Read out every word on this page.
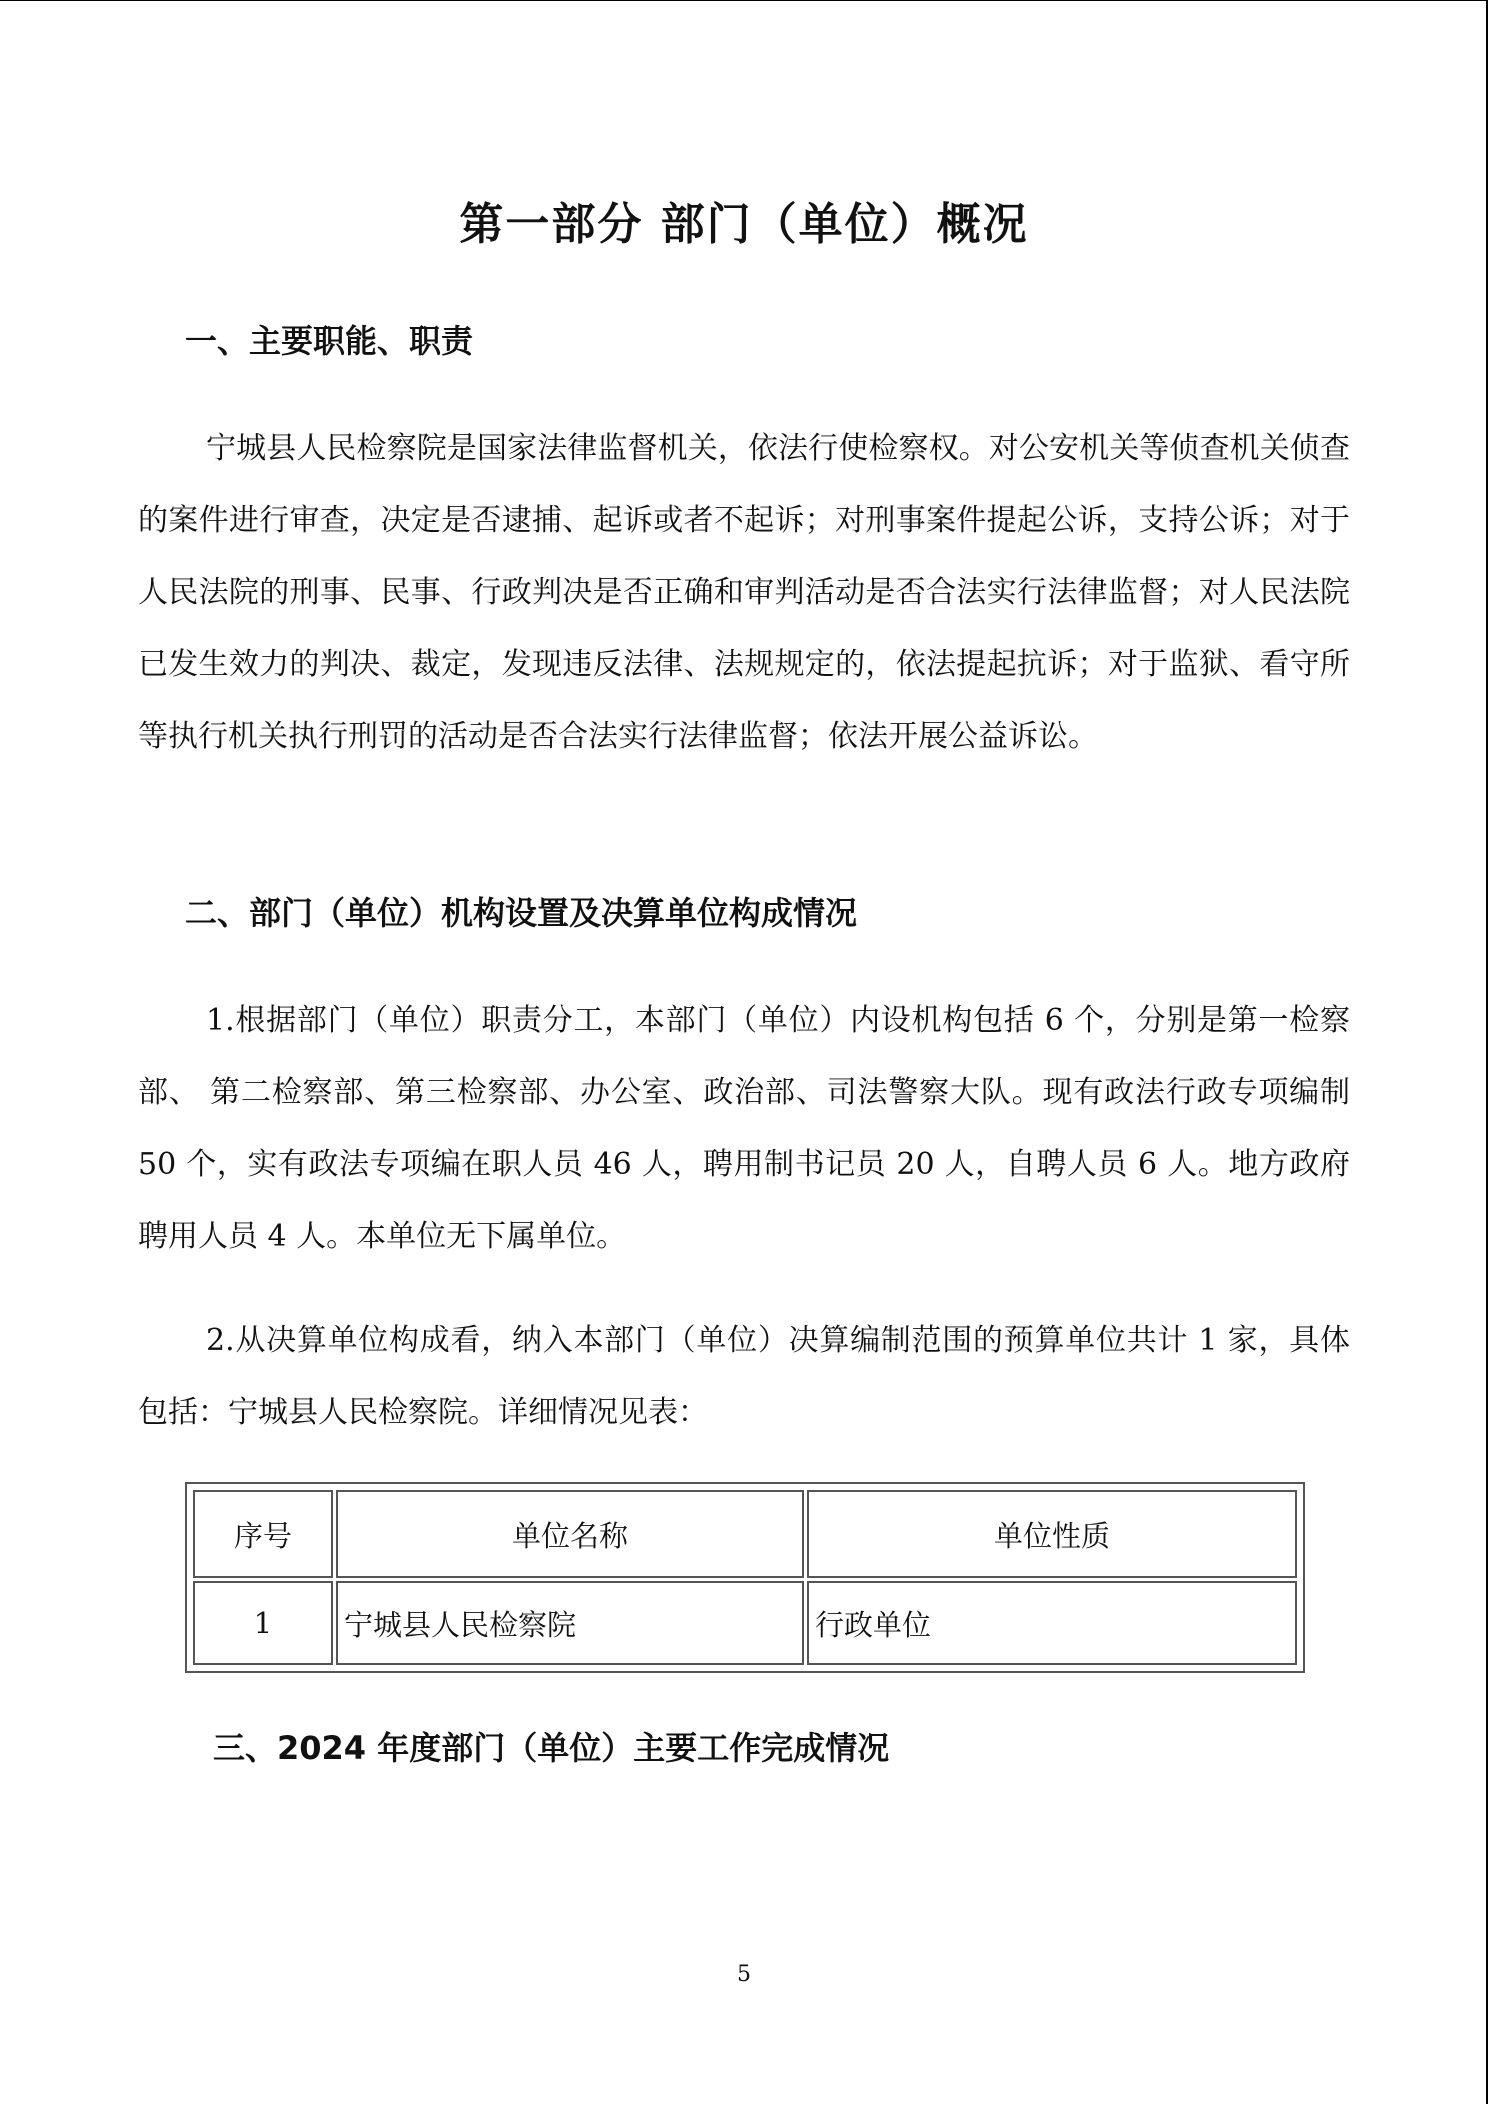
第一部分 部门（单位）概况
一、主要职能、职责
宁城县人民检察院是国家法律监督机关，依法行使检察权。对公安机关等侦查机关侦查的案件进行审查，决定是否逮捕、起诉或者不起诉；对刑事案件提起公诉，支持公诉；对于人民法院的刑事、民事、行政判决是否正确和审判活动是否合法实行法律监督；对人民法院已发生效力的判决、裁定，发现违反法律、法规规定的，依法提起抗诉；对于监狱、看守所等执行机关执行刑罚的活动是否合法实行法律监督；依法开展公益诉讼。
二、部门（单位）机构设置及决算单位构成情况
1.根据部门（单位）职责分工，本部门（单位）内设机构包括 6 个，分别是第一检察部、 第二检察部、第三检察部、办公室、政治部、司法警察大队。现有政法行政专项编制 50 个，实有政法专项编在职人员 46 人，聘用制书记员 20 人，自聘人员 6 人。地方政府聘用人员 4 人。本单位无下属单位。
2.从决算单位构成看，纳入本部门（单位）决算编制范围的预算单位共计 1 家，具体包括：宁城县人民检察院。详细情况见表：
序号	单位名称	单位性质
1	宁城县人民检察院	行政单位
三、2024 年度部门（单位）主要工作完成情况
5
